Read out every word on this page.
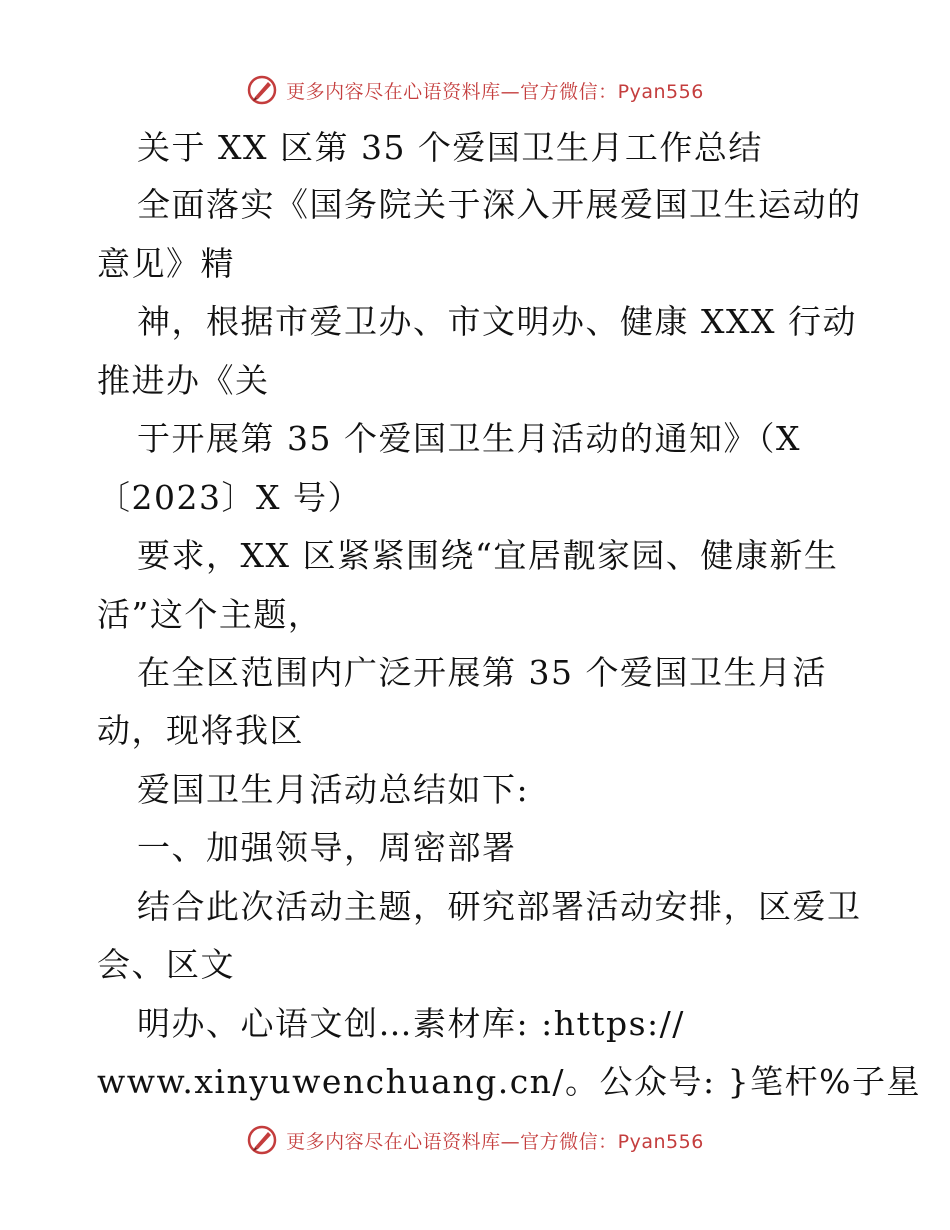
更多内容尽在心语资料库—官方微信：Pyan556
关于 XX 区第 35 个爱国卫生月工作总结
全面落实《国务院关于深入开展爱国卫生运动的
意见》精
神，根据市爱卫办、市文明办、健康 XXX 行动
推进办《关
于开展第 35 个爱国卫生月活动的通知》（X
〔2023〕X 号）
要求，XX 区紧紧围绕“宜居靓家园、健康新生
活”这个主题，
在全区范围内广泛开展第 35 个爱国卫生月活
动，现将我区
爱国卫生月活动总结如下:
一、加强领导，周密部署
结合此次活动主题，研究部署活动安排，区爱卫
会、区文
明办、心语文创…素材库: :https://
www.xinyuwenchuang.cn/。公众号: }笔杆%子星
更多内容尽在心语资料库—官方微信：Pyan556
